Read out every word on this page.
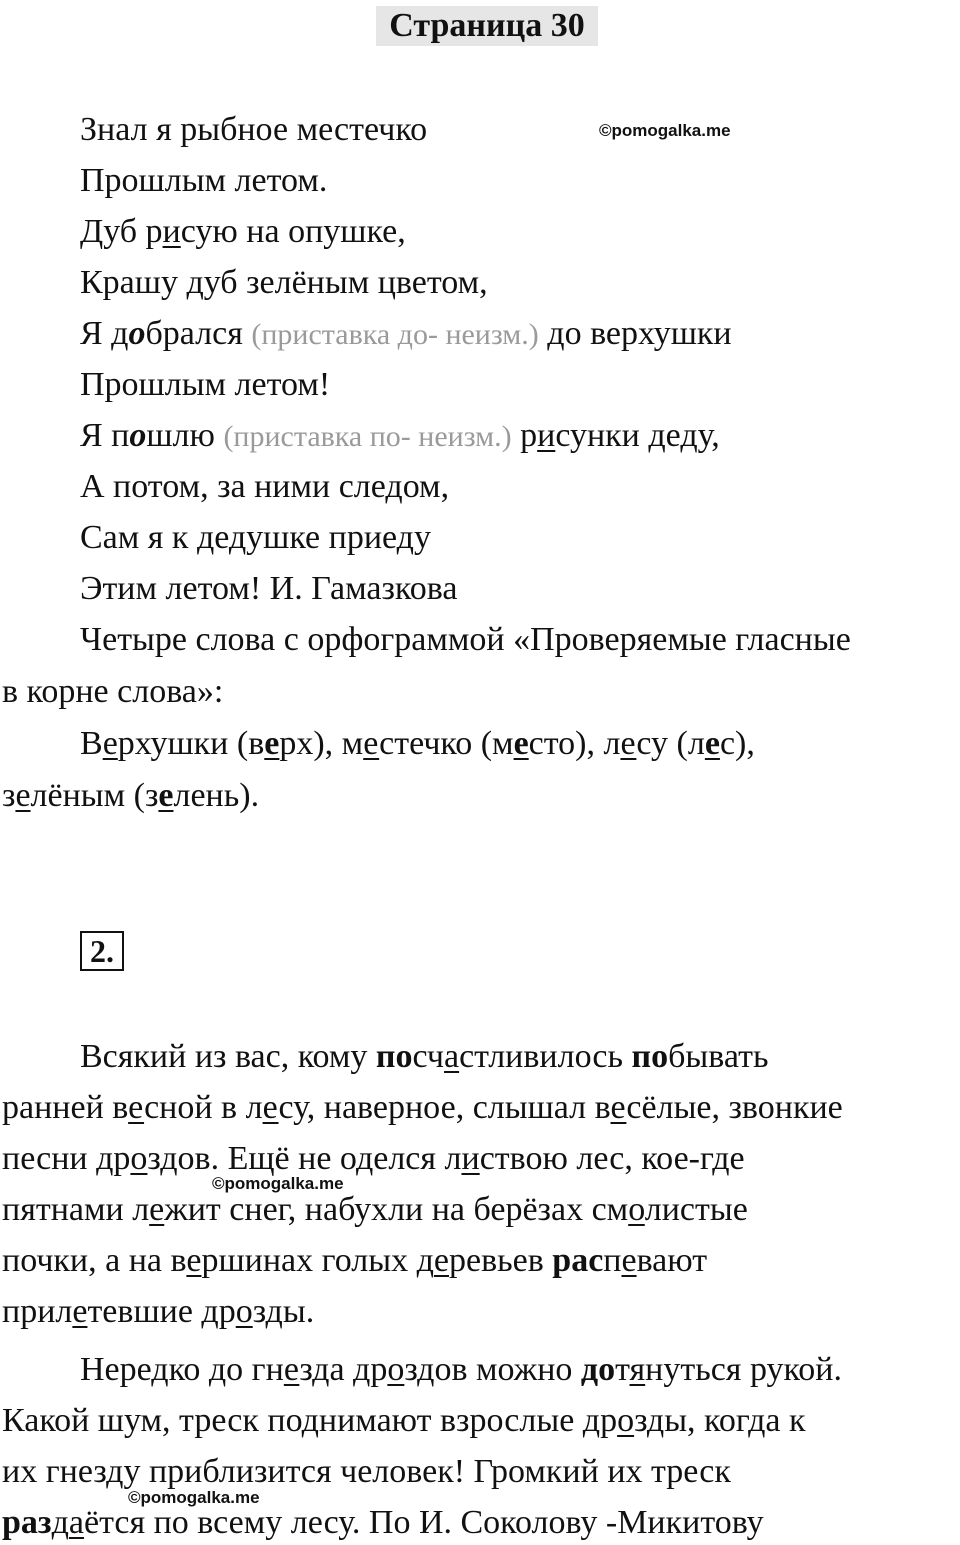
Страница 30
©pomogalka.me
Знал я рыбное местечко
Прошлым летом.
Дуб рисую на опушке,
Крашу дуб зелёным цветом,
Я добрался (приставка до- неизм.) до верхушки
Прошлым летом!
Я пошлю (приставка по- неизм.) рисунки деду,
А потом, за ними следом,
Сам я к дедушке приеду
Этим летом! И. Гамазкова
Четыре слова с орфограммой «Проверяемые гласные
в корне слова»:
Верхушки (верх), местечко (место), лесу (лес),
зелёным (зелень).
2.
Всякий из вас, кому посчастливилось побывать
ранней весной в лесу, наверное, слышал весёлые, звонкие
песни дроздов. Ещё не оделся листвою лес, кое-где
©pomogalka.me
пятнами лежит снег, набухли на берёзах смолистые
почки, а на вершинах голых деревьев распевают
прилетевшие дрозды.
Нередко до гнезда дроздов можно дотянуться рукой.
Какой шум, треск поднимают взрослые дрозды, когда к
их гнезду приблизится человек! Громкий их треск
©pomogalka.me
раздаётся по всему лесу. По И. Соколову -Микитову
